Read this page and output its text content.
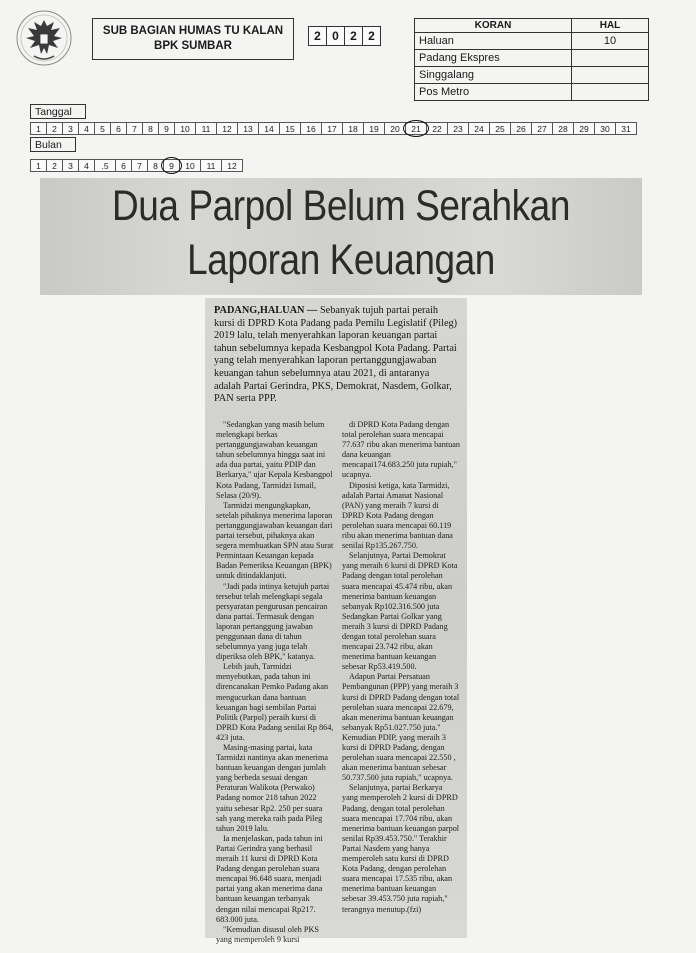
SUB BAGIAN HUMAS TU KALAN
BPK SUMBAR
2 0 2 2
KORAN	HAL
Haluan	10
Padang Ekspres	
Singgalang	
Pos Metro	
Tanggal
1	2	3	4	5	6	7	8	9	10	11	12	13	14	15	16	17	18	19	20	21	22	23	24	25	26	27	28	29	30	31
Bulan
1	2	3	4	.5	6	7	8	9	10	11	12
Dua Parpol Belum Serahkan
Laporan Keuangan
PADANG,HALUAN — Sebanyak tujuh partai peraih kursi di DPRD Kota Padang pada Pemilu Legislatif (Pileg) 2019 lalu, telah menyerahkan laporan keuangan partai tahun sebelumnya kepada Kesbangpol Kota Padang. Partai yang telah menyerahkan laporan pertanggungjawaban keuangan tahun sebelumnya atau 2021, di antaranya adalah Partai Gerindra, PKS, Demokrat, Nasdem, Golkar, PAN serta PPP.

"Sedangkan yang masih belum melengkapi berkas pertanggungjawaban keuangan tahun sebelumnya hingga saat ini ada dua partai, yaitu PDIP dan Berkarya," ujar Kepala Kesbangpol Kota Padang, Tarmidzi Ismail, Selasa (20/9).

Tarmidzi mengungkapkan, setelah pihaknya menerima laporan pertanggungjawaban keuangan dari partai tersebut, pihaknya akan segera membuatkan SPN atau Surat Permintaan Keuangan kepada Badan Pemeriksa Keuangan (BPK) untuk ditindaklanjuti.

"Jadi pada intinya ketujuh partai tersebut telah melengkapi segala persyaratan pengurusan pencairan dana partai. Termasuk dengan laporan pertanggung jawaban penggunaan dana di tahun sebelumnya yang juga telah diperiksa oleh BPK," katanya.

Lebih jauh, Tarmidzi menyebutkan, pada tahun ini direncanakan Pemko Padang akan mengucurkan dana bantuan keuangan bagi sembilan Partai Politik (Parpol) peraih kursi di DPRD Kota Padang senilai Rp 864, 423 juta.

Masing-masing partai, kata Tarmidzi nantinya akan menerima bantuan keuangan dengan jumlah yang berbeda sesuai dengan Peraturan Walikota (Perwako) Padang nomor 218 tahun 2022 yaitu sebesar Rp2. 250 per suara sah yang mereka raih pada Pileg tahun 2019 lalu.

Ia menjelaskan, pada tahun ini Partai Gerindra yang berhasil meraih 11 kursi di DPRD Kota Padang dengan perolehan suara mencapai 96.648 suara, menjadi partai yang akan menerima dana bantuan keuangan terbanyak dengan nilai mencapai Rp217. 683.000 juta.

"Kemudian disusul oleh PKS yang memperoleh 9 kursi

di DPRD Kota Padang dengan total perolehan suara mencapai 77.637 ribu akan menerima bantuan dana keuangan mencapai174.683.250 juta rupiah," ucapnya.

Diposisi ketiga, kata Tarmidzi, adalah Partai Amanat Nasional (PAN) yang meraih 7 kursi di DPRD Kota Padang dengan perolehan suara mencapai 60.119 ribu akan menerima bantuan dana senilai Rp135.267.750.

Selanjutnya, Partai Demokrat yang meraih 6 kursi di DPRD Kota Padang dengan total perolehan suara mencapai 45.474 ribu, akan menerima bantuan keuangan sebanyak Rp102.316.500 juta Sedangkan Partai Golkar yang meraih 3 kursi di DPRD Padang dengan total perolehan suara mencapai 23.742 ribu, akan menerima bantuan keuangan sebesar Rp53.419.500.

Adapun Partai Persatuan Pembangunan (PPP) yang meraih 3 kursi di DPRD Padang dengan total perolehan suara mencapai 22.679, akan menerima bantuan keuangan sebanyak Rp51.027.750 juta." Kemudian PDIP, yang meraih 3 kursi di DPRD Padang, dengan perolehan suara mencapai 22.550 , akan menerima bantuan sebesar 50.737.500 juta rupiah," ucapnya.

Selanjutnya, partai Berkarya yang memperoleh 2 kursi di DPRD Padang, dengan total perolehan suara mencapai 17.704 ribu, akan menerima bantuan keuangan parpol senilai Rp39.453.750." Terakhir Partai Nasdem yang hanya memperoleh satu kursi di DPRD Kota Padang, dengan perolehan suara mencapai 17.535 ribu, akan menerima bantuan keuangan sebesar 39.453.750 juta rupiah," terangnya menutup.(fzi)
